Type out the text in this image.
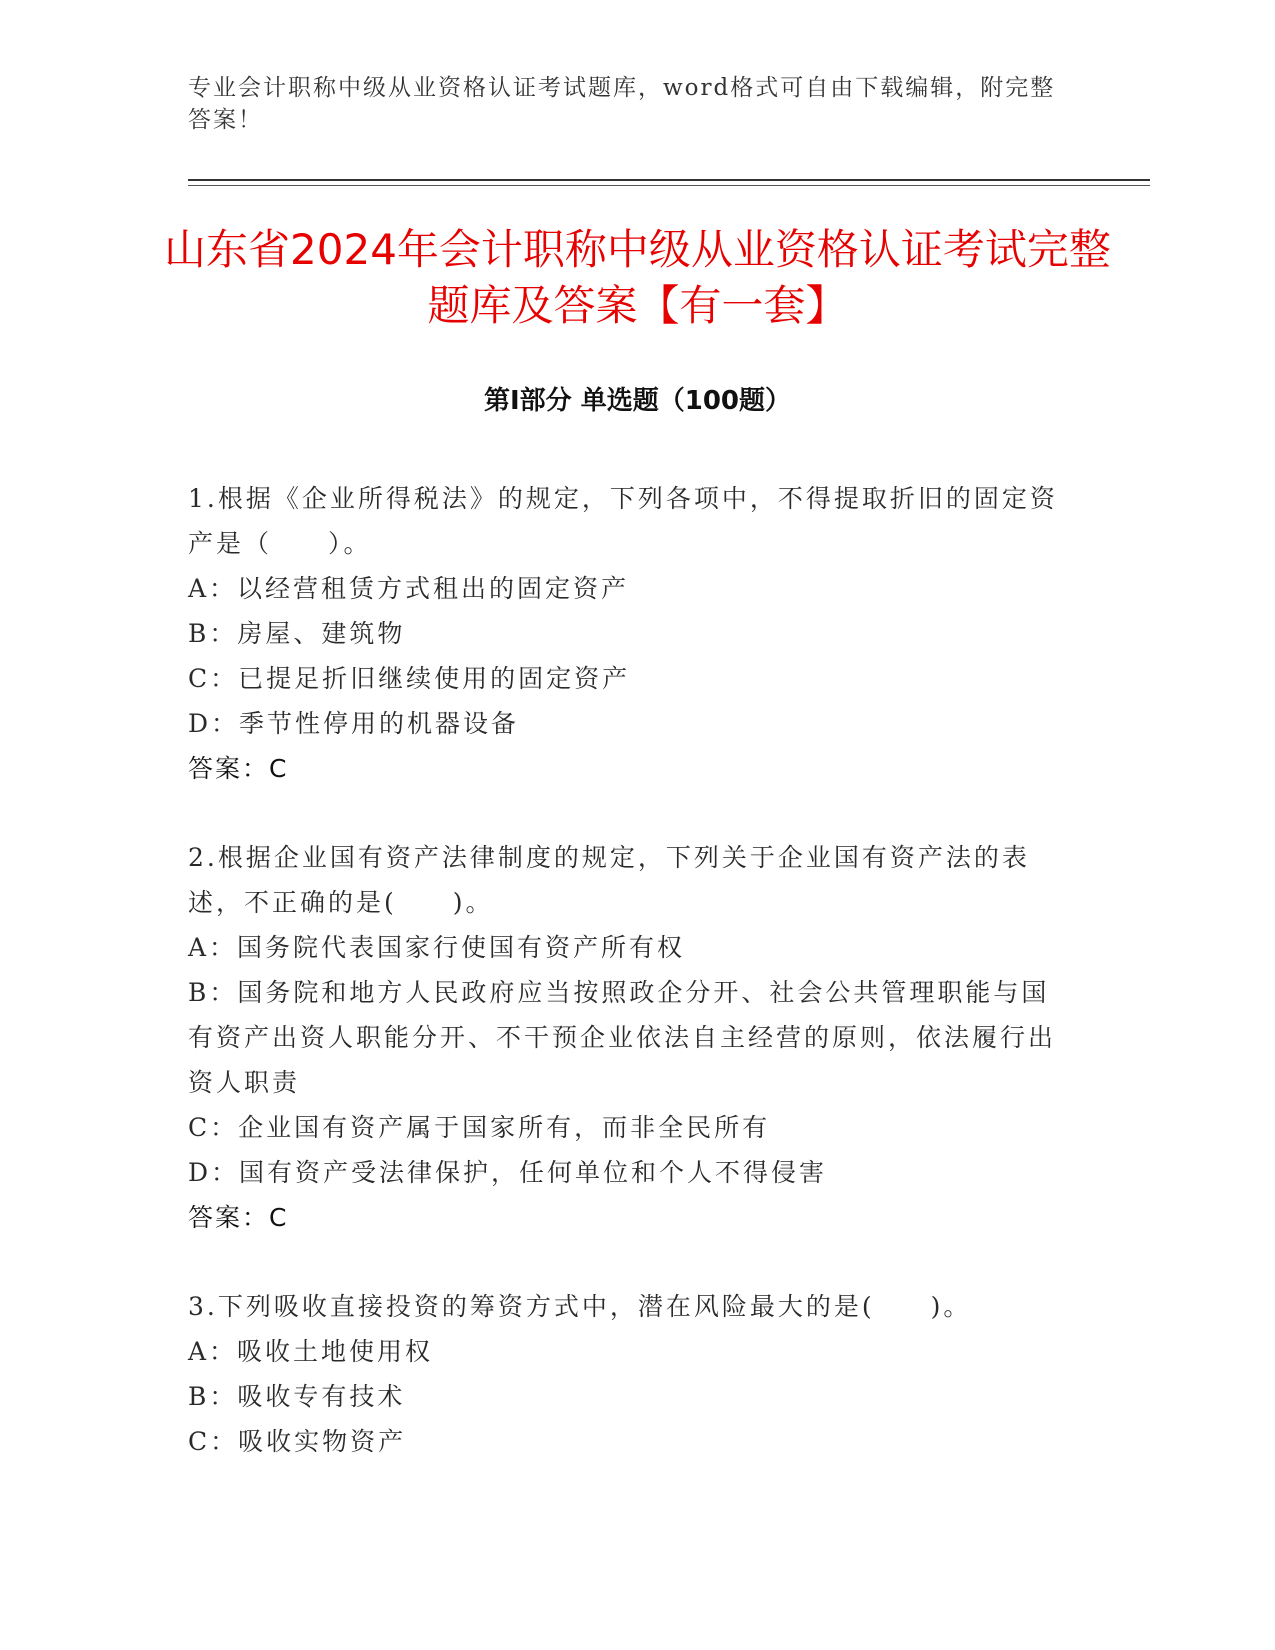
专业会计职称中级从业资格认证考试题库，word格式可自由下载编辑，附完整答案！
山东省2024年会计职称中级从业资格认证考试完整题库及答案【有一套】
第Ⅰ部分 单选题（100题）
1.根据《企业所得税法》的规定，下列各项中，不得提取折旧的固定资产是（　　）。
A：以经营租赁方式租出的固定资产
B：房屋、建筑物
C：已提足折旧继续使用的固定资产
D：季节性停用的机器设备
答案：C
2.根据企业国有资产法律制度的规定，下列关于企业国有资产法的表述，不正确的是(　　)。
A：国务院代表国家行使国有资产所有权
B：国务院和地方人民政府应当按照政企分开、社会公共管理职能与国有资产出资人职能分开、不干预企业依法自主经营的原则，依法履行出资人职责
C：企业国有资产属于国家所有，而非全民所有
D：国有资产受法律保护，任何单位和个人不得侵害
答案：C
3.下列吸收直接投资的筹资方式中，潜在风险最大的是(　　)。
A：吸收土地使用权
B：吸收专有技术
C：吸收实物资产
